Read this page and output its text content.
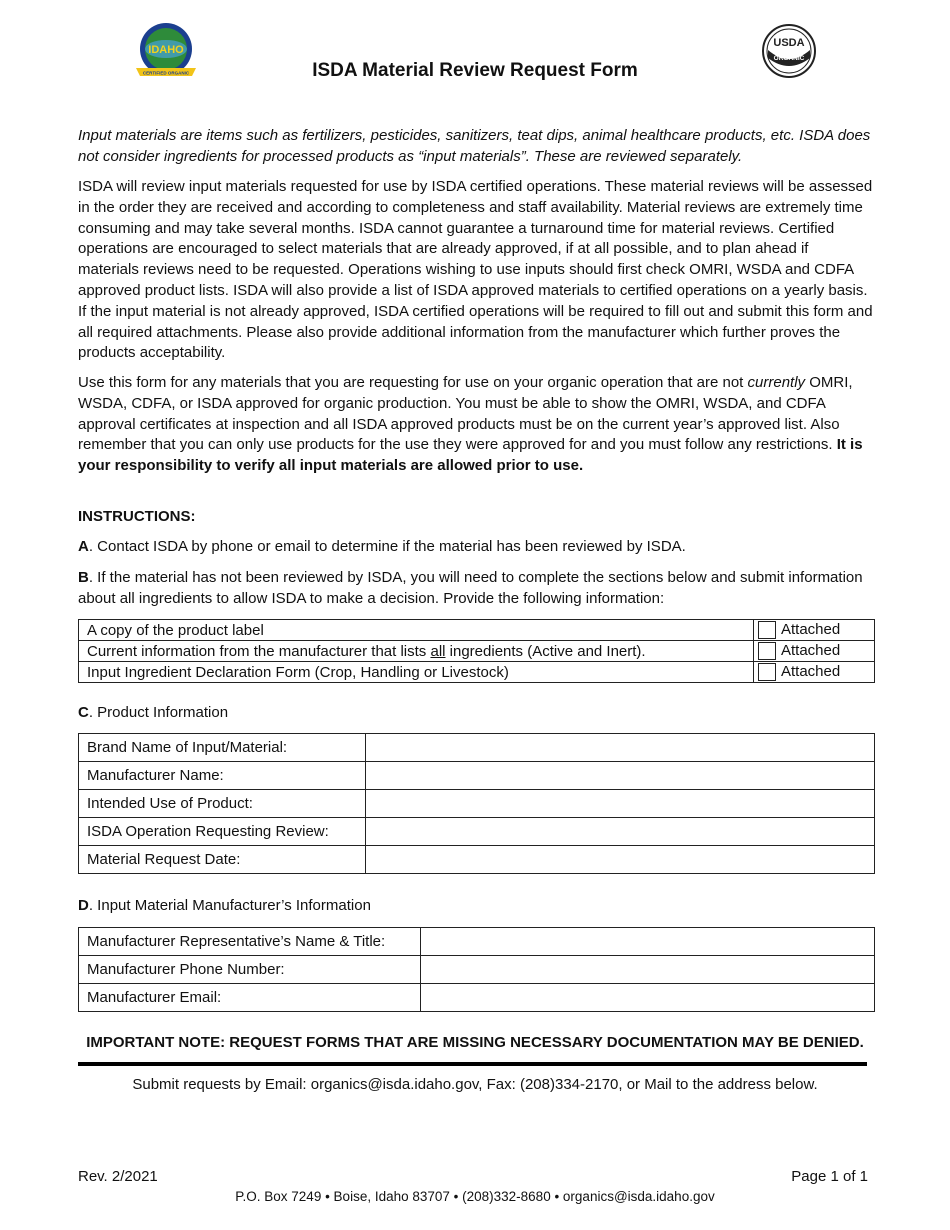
IDAHO
CERTIFIED ORGANIC	ISDA Material Review Request Form
USDA
ORGANIC
Input materials are items such as fertilizers, pesticides, sanitizers, teat dips, animal healthcare products, etc. ISDA does not consider ingredients for processed products as “input materials”. These are reviewed separately.
ISDA will review input materials requested for use by ISDA certified operations. These material reviews will be assessed in the order they are received and according to completeness and staff availability. Material reviews are extremely time consuming and may take several months. ISDA cannot guarantee a turnaround time for material reviews. Certified operations are encouraged to select materials that are already approved, if at all possible, and to plan ahead if materials reviews need to be requested. Operations wishing to use inputs should first check OMRI, WSDA and CDFA approved product lists. ISDA will also provide a list of ISDA approved materials to certified operations on a yearly basis. If the input material is not already approved, ISDA certified operations will be required to fill out and submit this form and all required attachments. Please also provide additional information from the manufacturer which further proves the products acceptability.
Use this form for any materials that you are requesting for use on your organic operation that are not currently OMRI, WSDA, CDFA, or ISDA approved for organic production. You must be able to show the OMRI, WSDA, and CDFA approval certificates at inspection and all ISDA approved products must be on the current year’s approved list. Also remember that you can only use products for the use they were approved for and you must follow any restrictions. It is your responsibility to verify all input materials are allowed prior to use.
INSTRUCTIONS:
A. Contact ISDA by phone or email to determine if the material has been reviewed by ISDA.
B. If the material has not been reviewed by ISDA, you will need to complete the sections below and submit information about all ingredients to allow ISDA to make a decision. Provide the following information:
A copy of the product label	Attached
Current information from the manufacturer that lists all ingredients (Active and Inert).	Attached
Input Ingredient Declaration Form (Crop, Handling or Livestock)	Attached
C. Product Information
Brand Name of Input/Material:	
Manufacturer Name:	
Intended Use of Product:	
ISDA Operation Requesting Review:	
Material Request Date:	
D. Input Material Manufacturer’s Information
Manufacturer Representative’s Name & Title:	
Manufacturer Phone Number:	
Manufacturer Email:	
IMPORTANT NOTE: REQUEST FORMS THAT ARE MISSING NECESSARY DOCUMENTATION MAY BE DENIED.
Submit requests by Email: organics@isda.idaho.gov, Fax: (208)334-2170, or Mail to the address below.
Rev. 2/2021	Page 1 of 1
P.O. Box 7249 • Boise, Idaho 83707 • (208)332-8680 • organics@isda.idaho.gov
